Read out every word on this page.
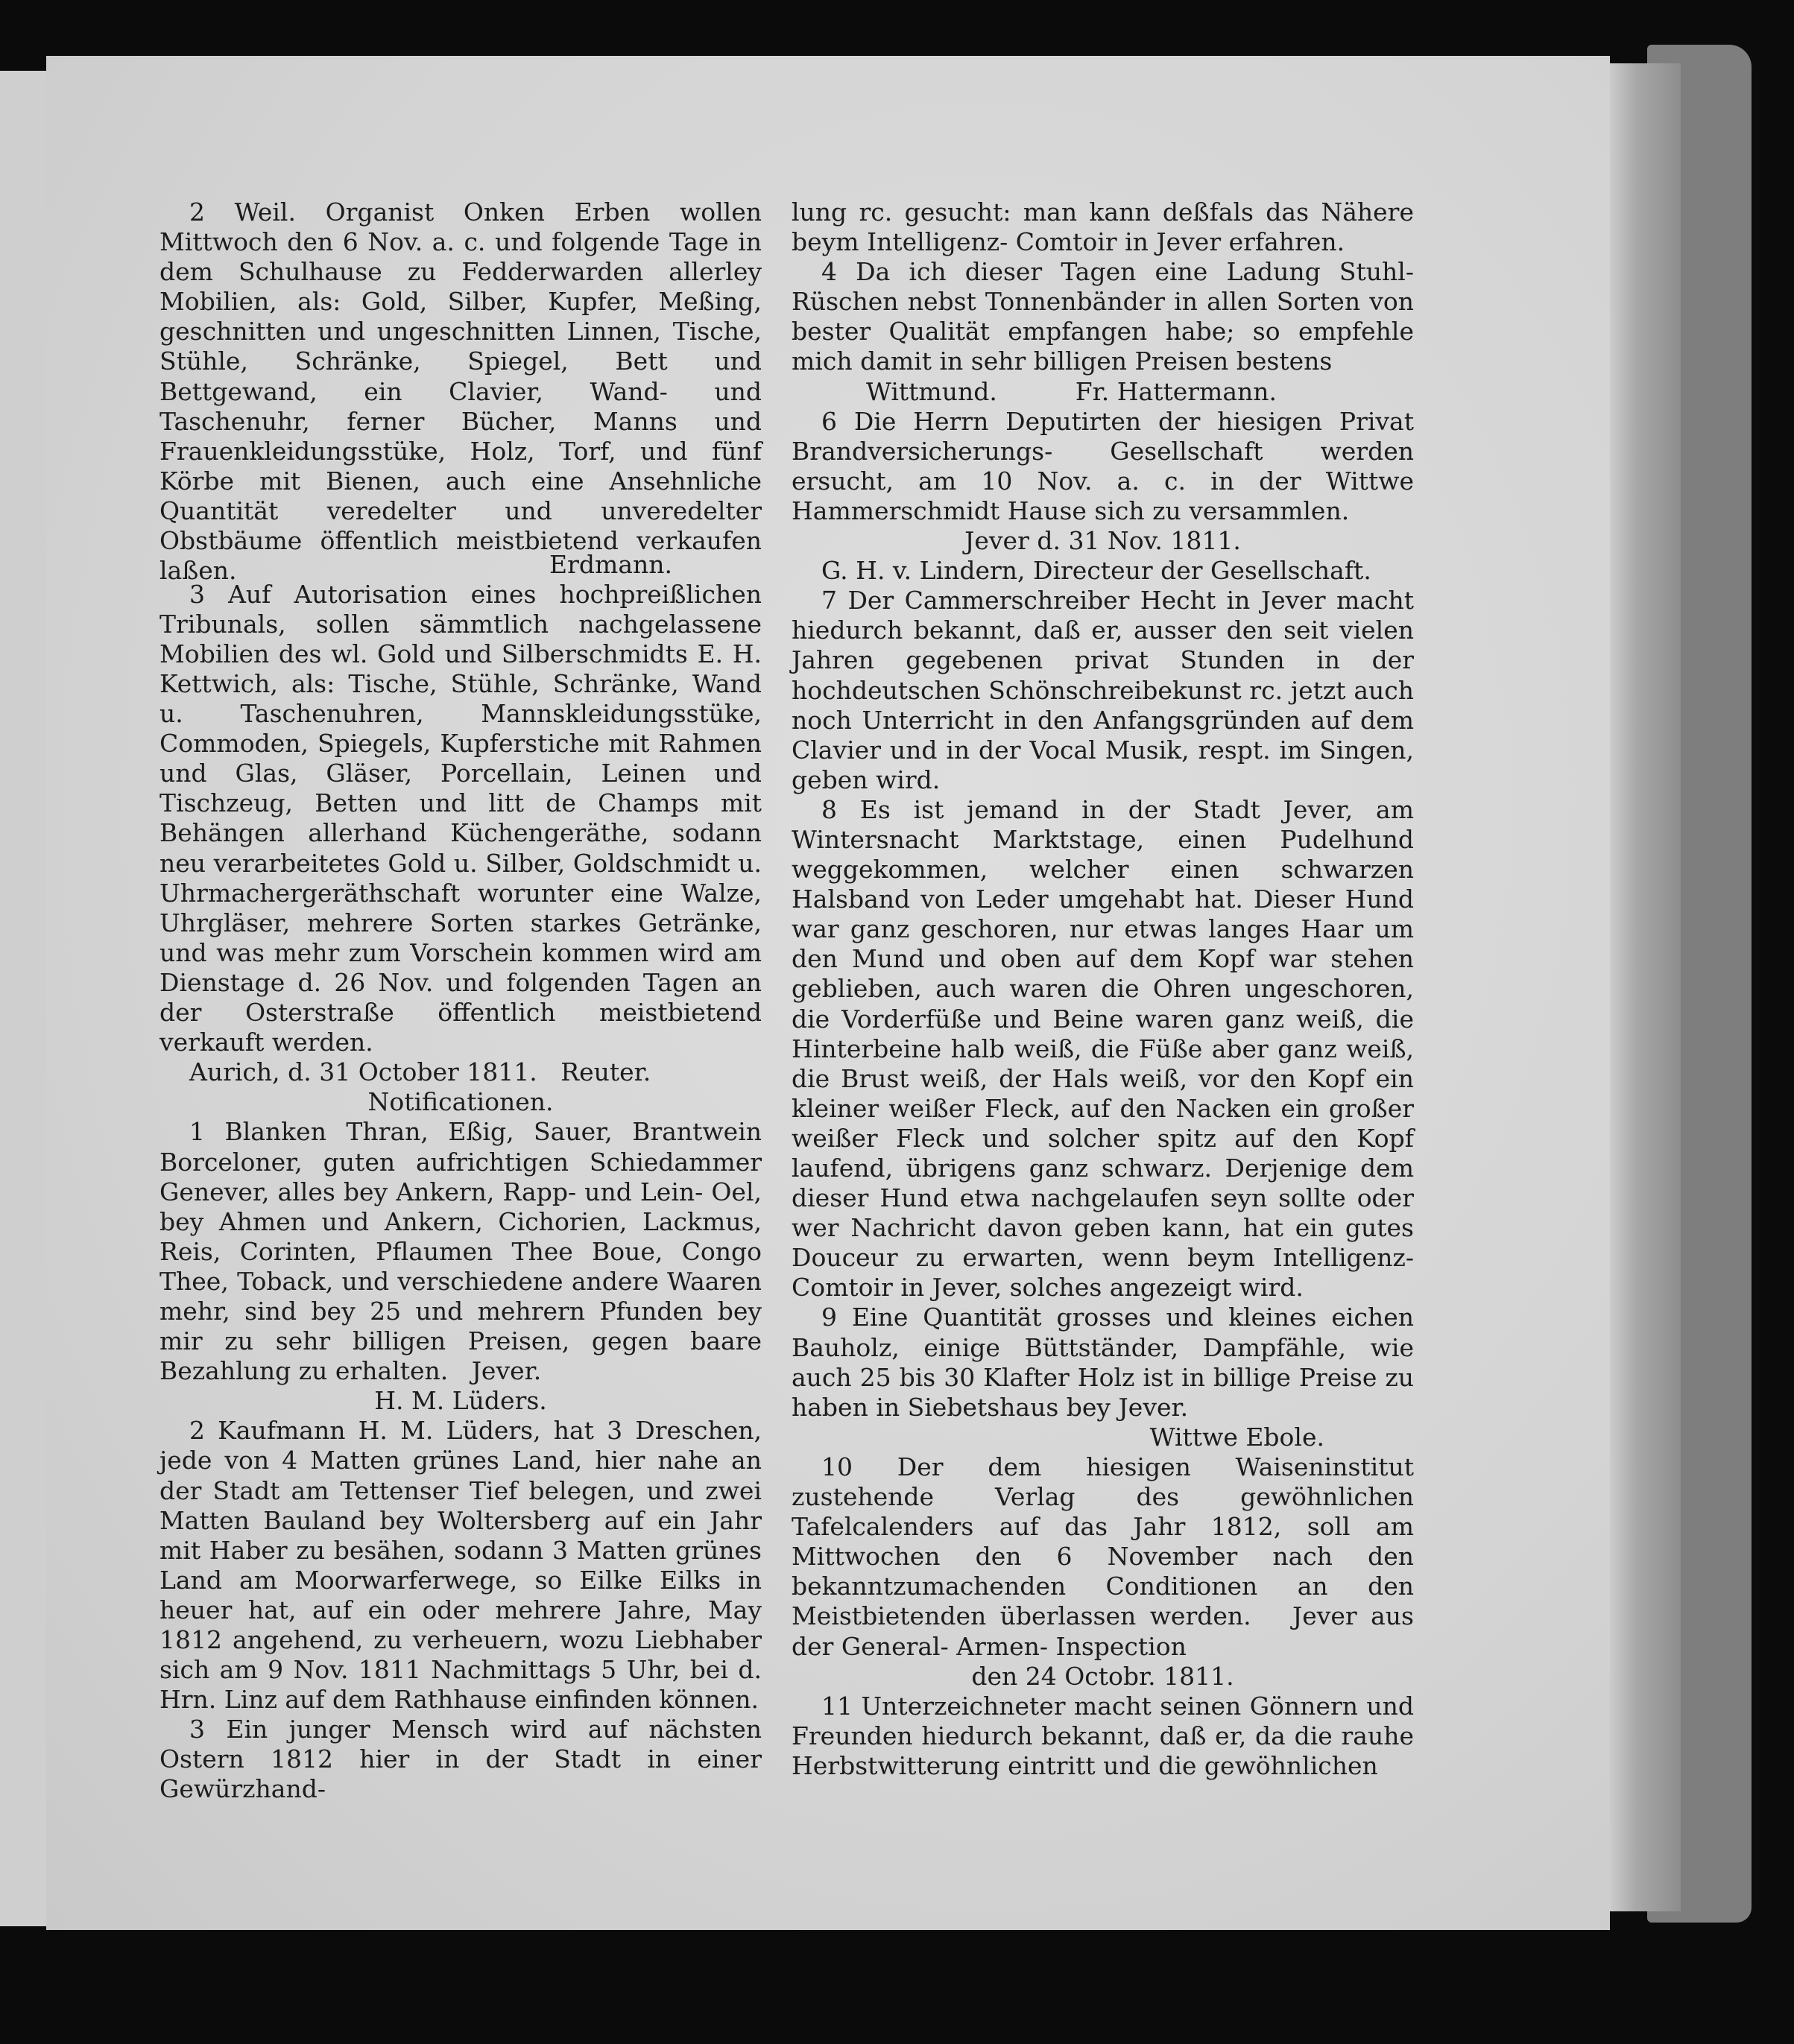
2 Weil. Organist Onken Erben wollen Mittwoch den 6 Nov. a. c. und folgende Tage in dem Schulhause zu Fedderwarden allerley Mobilien, als: Gold, Silber, Kupfer, Meßing, geschnitten und ungeschnitten Linnen, Tische, Stühle, Schränke, Spiegel, Bett und Bettgewand, ein Clavier, Wand- und Taschenuhr, ferner Bücher, Manns und Frauenkleidungsstüke, Holz, Torf, und fünf Körbe mit Bienen, auch eine Ansehnliche Quantität veredelter und unveredelter Obstbäume öffentlich meistbietend verkaufen laßen.	Erdmann.

3 Auf Autorisation eines hochpreißlichen Tribunals, sollen sämmtlich nachgelassene Mobilien des wl. Gold und Silberschmidts E. H. Kettwich, als: Tische, Stühle, Schränke, Wand u. Taschenuhren, Mannskleidungsstüke, Commoden, Spiegels, Kupferstiche mit Rahmen und Glas, Gläser, Porcellain, Leinen und Tischzeug, Betten und litt de Champs mit Behängen allerhand Küchengeräthe, sodann neu verarbeitetes Gold u. Silber, Goldschmidt u. Uhrmachergeräthschaft worunter eine Walze, Uhrgläser, mehrere Sorten starkes Getränke, und was mehr zum Vorschein kommen wird am Dienstage d. 26 Nov. und folgenden Tagen an der Osterstraße öffentlich meistbietend verkauft werden.

Aurich, d. 31 October 1811.   Reuter.

Notificationen.

1 Blanken Thran, Eßig, Sauer, Brantwein Borceloner, guten aufrichtigen Schiedammer Genever, alles bey Ankern, Rapp- und Lein- Oel, bey Ahmen und Ankern, Cichorien, Lackmus, Reis, Corinten, Pflaumen Thee Boue, Congo Thee, Toback, und verschiedene andere Waaren mehr, sind bey 25 und mehrern Pfunden bey mir zu sehr billigen Preisen, gegen baare Bezahlung zu erhalten.   Jever.

H. M. Lüders.

2 Kaufmann H. M. Lüders, hat 3 Dreschen, jede von 4 Matten grünes Land, hier nahe an der Stadt am Tettenser Tief belegen, und zwei Matten Bauland bey Woltersberg auf ein Jahr mit Haber zu besähen, sodann 3 Matten grünes Land am Moorwarferwege, so Eilke Eilks in heuer hat, auf ein oder mehrere Jahre, May 1812 angehend, zu verheuern, wozu Liebhaber sich am 9 Nov. 1811 Nachmittags 5 Uhr, bei d. Hrn. Linz auf dem Rathhause einfinden können.

3 Ein junger Mensch wird auf nächsten Ostern 1812 hier in der Stadt in einer Gewürzhand-

lung rc. gesucht: man kann deßfals das Nähere beym Intelligenz- Comtoir in Jever erfahren.

4 Da ich dieser Tagen eine Ladung Stuhl- Rüschen nebst Tonnenbänder in allen Sorten von bester Qualität empfangen habe; so empfehle mich damit in sehr billigen Preisen bestens

Wittmund.          Fr. Hattermann.

6 Die Herrn Deputirten der hiesigen Privat Brandversicherungs- Gesellschaft werden ersucht, am 10 Nov. a. c. in der Wittwe Hammerschmidt Hause sich zu versammlen.

Jever d. 31 Nov. 1811.

G. H. v. Lindern, Directeur der Gesellschaft.

7 Der Cammerschreiber Hecht in Jever macht hiedurch bekannt, daß er, ausser den seit vielen Jahren gegebenen privat Stunden in der hochdeutschen Schönschreibekunst rc. jetzt auch noch Unterricht in den Anfangsgründen auf dem Clavier und in der Vocal Musik, respt. im Singen, geben wird.

8 Es ist jemand in der Stadt Jever, am Wintersnacht Marktstage, einen Pudelhund weggekommen, welcher einen schwarzen Halsband von Leder umgehabt hat. Dieser Hund war ganz geschoren, nur etwas langes Haar um den Mund und oben auf dem Kopf war stehen geblieben, auch waren die Ohren ungeschoren, die Vorderfüße und Beine waren ganz weiß, die Hinterbeine halb weiß, die Füße aber ganz weiß, die Brust weiß, der Hals weiß, vor den Kopf ein kleiner weißer Fleck, auf den Nacken ein großer weißer Fleck und solcher spitz auf den Kopf laufend, übrigens ganz schwarz. Derjenige dem dieser Hund etwa nachgelaufen seyn sollte oder wer Nachricht davon geben kann, hat ein gutes Douceur zu erwarten, wenn beym Intelligenz- Comtoir in Jever, solches angezeigt wird.

9 Eine Quantität grosses und kleines eichen Bauholz, einige Büttständer, Dampfähle, wie auch 25 bis 30 Klafter Holz ist in billige Preise zu haben in Siebetshaus bey Jever.

Wittwe Ebole.

10 Der dem hiesigen Waiseninstitut zustehende Verlag des gewöhnlichen Tafelcalenders auf das Jahr 1812, soll am Mittwochen den 6 November nach den bekanntzumachenden Conditionen an den Meistbietenden überlassen werden.   Jever aus der General- Armen- Inspection

den 24 Octobr. 1811.

11 Unterzeichneter macht seinen Gönnern und Freunden hiedurch bekannt, daß er, da die rauhe Herbstwitterung eintritt und die gewöhnlichen
